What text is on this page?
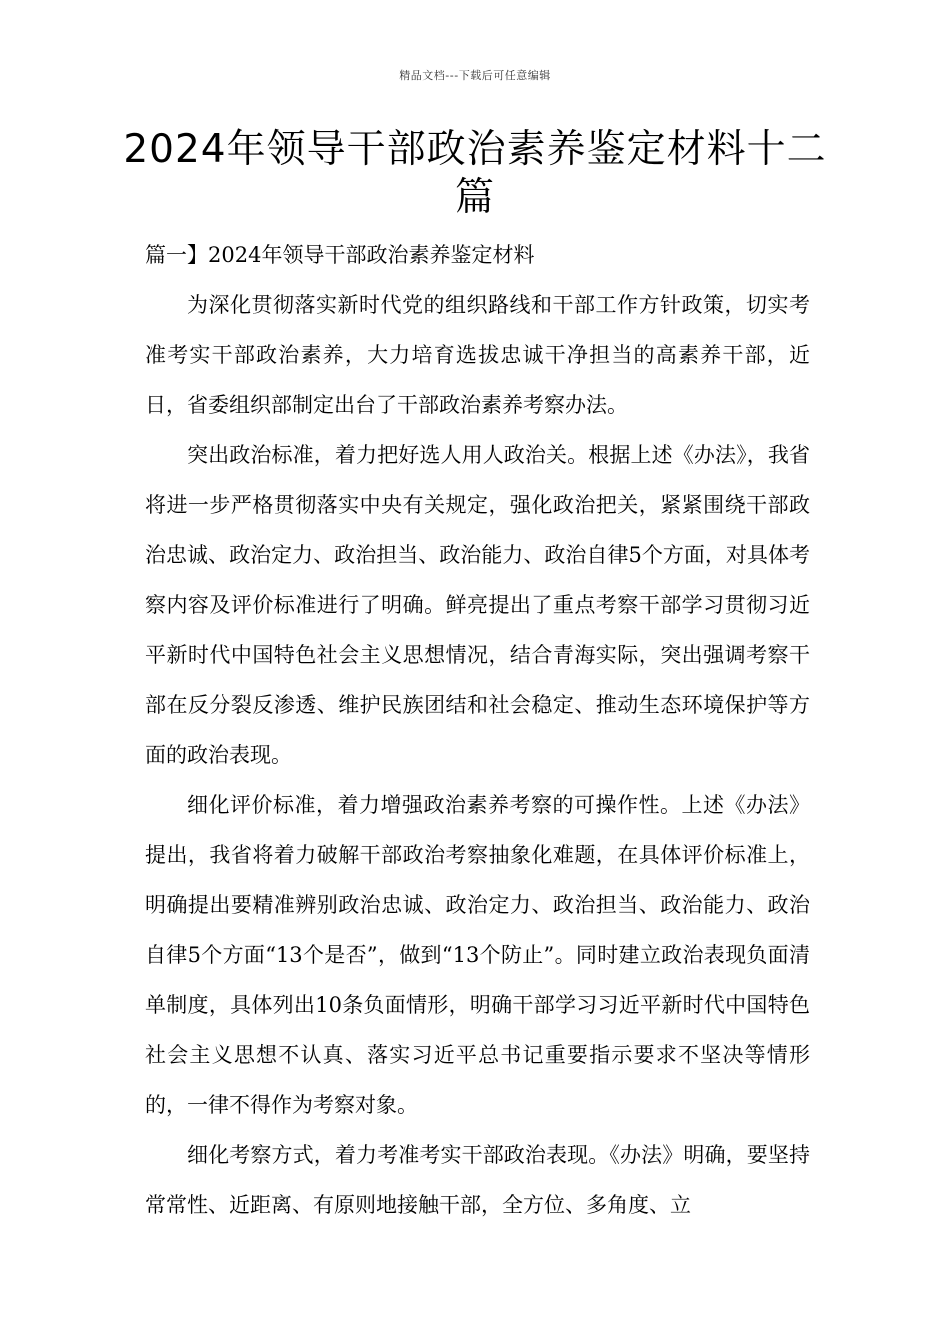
精品文档---下载后可任意编辑
2024年领导干部政治素养鉴定材料十二篇

篇一】2024年领导干部政治素养鉴定材料

为深化贯彻落实新时代党的组织路线和干部工作方针政策，切实考准考实干部政治素养，大力培育选拔忠诚干净担当的高素养干部，近日，省委组织部制定出台了干部政治素养考察办法。

突出政治标准，着力把好选人用人政治关。根据上述《办法》，我省将进一步严格贯彻落实中央有关规定，强化政治把关，紧紧围绕干部政治忠诚、政治定力、政治担当、政治能力、政治自律5个方面，对具体考察内容及评价标准进行了明确。鲜亮提出了重点考察干部学习贯彻习近平新时代中国特色社会主义思想情况，结合青海实际，突出强调考察干部在反分裂反渗透、维护民族团结和社会稳定、推动生态环境保护等方面的政治表现。

细化评价标准，着力增强政治素养考察的可操作性。上述《办法》提出，我省将着力破解干部政治考察抽象化难题，在具体评价标准上，明确提出要精准辨别政治忠诚、政治定力、政治担当、政治能力、政治自律5个方面“13个是否”，做到“13个防止”。同时建立政治表现负面清单制度，具体列出10条负面情形，明确干部学习习近平新时代中国特色社会主义思想不认真、落实习近平总书记重要指示要求不坚决等情形的，一律不得作为考察对象。

细化考察方式，着力考准考实干部政治表现。《办法》明确，要坚持常常性、近距离、有原则地接触干部，全方位、多角度、立
